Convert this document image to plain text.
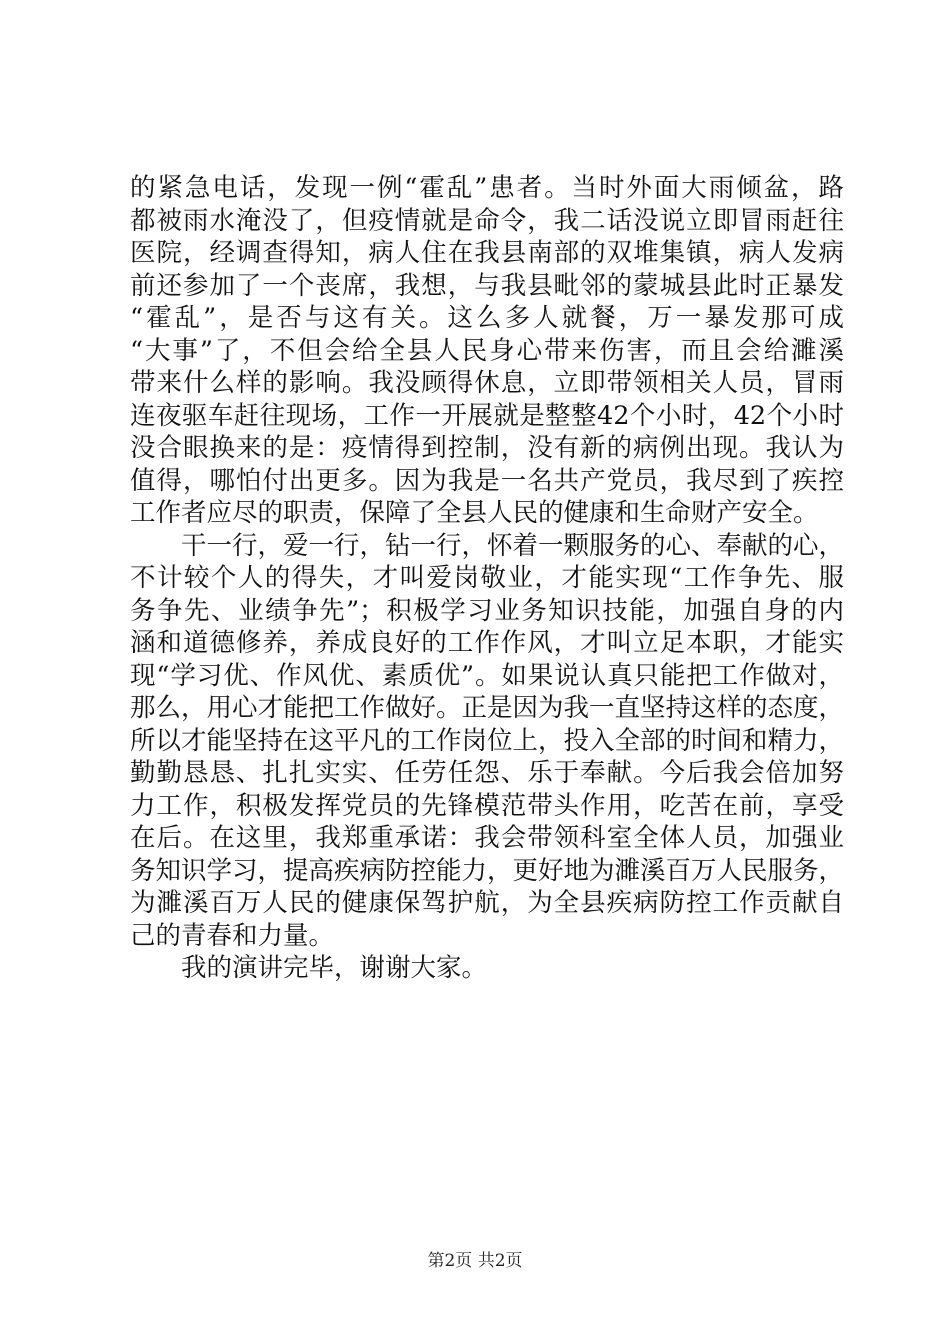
的紧急电话，发现一例“霍乱”患者。当时外面大雨倾盆，路
都被雨水淹没了，但疫情就是命令，我二话没说立即冒雨赶往
医院，经调查得知，病人住在我县南部的双堆集镇，病人发病
前还参加了一个丧席，我想，与我县毗邻的蒙城县此时正暴发
“霍乱”，是否与这有关。这么多人就餐，万一暴发那可成
“大事”了，不但会给全县人民身心带来伤害，而且会给濉溪
带来什么样的影响。我没顾得休息，立即带领相关人员，冒雨
连夜驱车赶往现场，工作一开展就是整整42个小时，42个小时
没合眼换来的是：疫情得到控制，没有新的病例出现。我认为
值得，哪怕付出更多。因为我是一名共产党员，我尽到了疾控
工作者应尽的职责，保障了全县人民的健康和生命财产安全。
干一行，爱一行，钻一行，怀着一颗服务的心、奉献的心，
不计较个人的得失，才叫爱岗敬业，才能实现“工作争先、服
务争先、业绩争先”；积极学习业务知识技能，加强自身的内
涵和道德修养，养成良好的工作作风，才叫立足本职，才能实
现“学习优、作风优、素质优”。如果说认真只能把工作做对，
那么，用心才能把工作做好。正是因为我一直坚持这样的态度，
所以才能坚持在这平凡的工作岗位上，投入全部的时间和精力，
勤勤恳恳、扎扎实实、任劳任怨、乐于奉献。今后我会倍加努
力工作，积极发挥党员的先锋模范带头作用，吃苦在前，享受
在后。在这里，我郑重承诺：我会带领科室全体人员，加强业
务知识学习，提高疾病防控能力，更好地为濉溪百万人民服务，
为濉溪百万人民的健康保驾护航，为全县疾病防控工作贡献自
己的青春和力量。
我的演讲完毕，谢谢大家。
第2页 共2页
